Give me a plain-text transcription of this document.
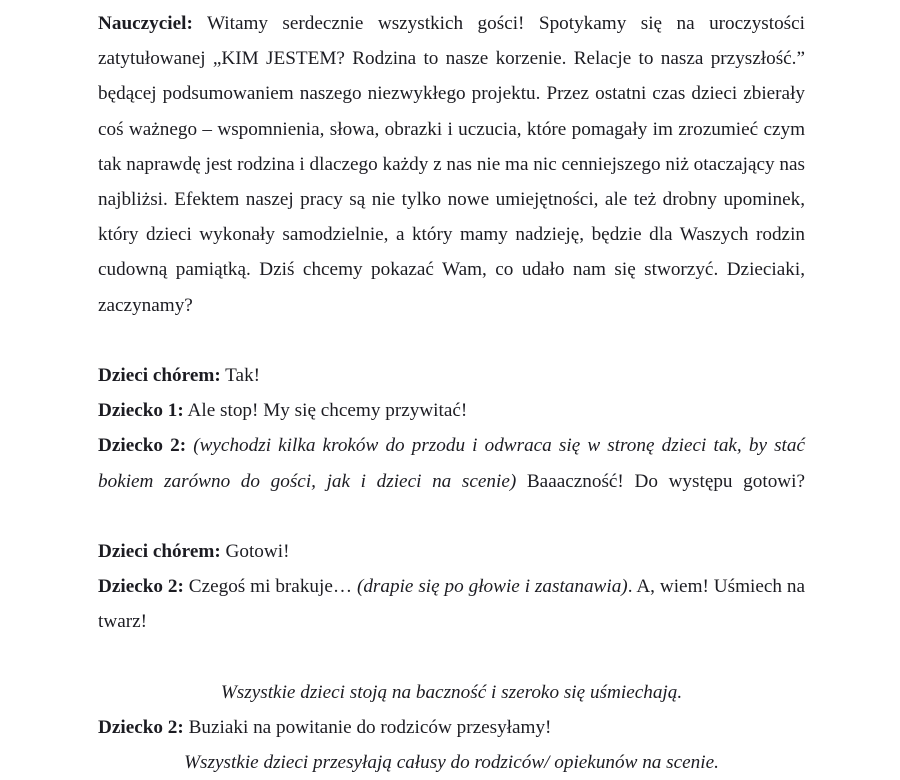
Nauczyciel: Witamy serdecznie wszystkich gości! Spotykamy się na uroczystości zatytułowanej „KIM JESTEM? Rodzina to nasze korzenie. Relacje to nasza przyszłość.” będącej podsumowaniem naszego niezwykłego projektu. Przez ostatni czas dzieci zbierały coś ważnego – wspomnienia, słowa, obrazki i uczucia, które pomagały im zrozumieć czym tak naprawdę jest rodzina i dlaczego każdy z nas nie ma nic cenniejszego niż otaczający nas najbliżsi. Efektem naszej pracy są nie tylko nowe umiejętności, ale też drobny upominek, który dzieci wykonały samodzielnie, a który mamy nadzieję, będzie dla Waszych rodzin cudowną pamiątką. Dziś chcemy pokazać Wam, co udało nam się stworzyć. Dzieciaki, zaczynamy?

Dzieci chórem: Tak!

Dziecko 1: Ale stop! My się chcemy przywitać!

Dziecko 2: (wychodzi kilka kroków do przodu i odwraca się w stronę dzieci tak, by stać bokiem zarówno do gości, jak i dzieci na scenie) Baaaczność! Do występu gotowi?

Dzieci chórem: Gotowi!

Dziecko 2: Czegoś mi brakuje… (drapie się po głowie i zastanawia). A, wiem! Uśmiech na twarz!

Wszystkie dzieci stoją na baczność i szeroko się uśmiechają.

Dziecko 2: Buziaki na powitanie do rodziców przesyłamy!

Wszystkie dzieci przesyłają całusy do rodziców/ opiekunów na scenie.
